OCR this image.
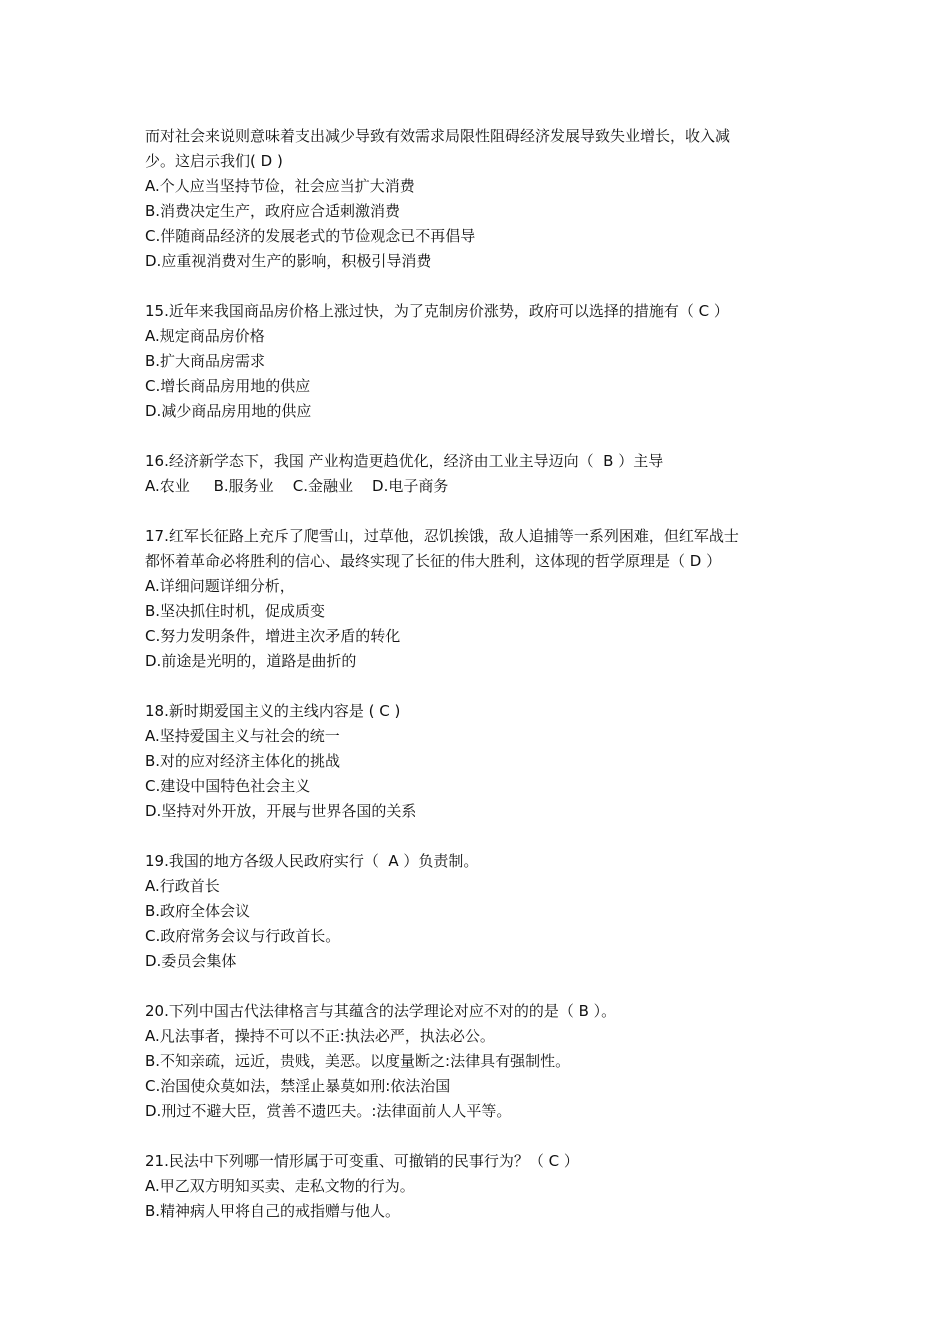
而对社会来说则意味着支出减少导致有效需求局限性阻碍经济发展导致失业增长，收入减
少。这启示我们( D )
A.个人应当坚持节俭，社会应当扩大消费
B.消费决定生产，政府应合适刺激消费
C.伴随商品经济的发展老式的节俭观念已不再倡导
D.应重视消费对生产的影响，积极引导消费
15.近年来我国商品房价格上涨过快，为了克制房价涨势，政府可以选择的措施有（ C ）
A.规定商品房价格
B.扩大商品房需求
C.增长商品房用地的供应
D.减少商品房用地的供应
16.经济新学态下，我国 产业构造更趋优化，经济由工业主导迈向（  B ）主导
A.农业     B.服务业    C.金融业    D.电子商务
17.红军长征路上充斥了爬雪山，过草他，忍饥挨饿，敌人追捕等一系列困难，但红军战士
都怀着革命必将胜利的信心、最终实现了长征的伟大胜利，这体现的哲学原理是（ D ）
A.详细问题详细分析，
B.坚决抓住时机，促成质变
C.努力发明条件，增进主次矛盾的转化
D.前途是光明的，道路是曲折的
18.新时期爱国主义的主线内容是 ( C )
A.坚持爱国主义与社会的统一
B.对的应对经济主体化的挑战
C.建设中国特色社会主义
D.坚持对外开放，开展与世界各国的关系
19.我国的地方各级人民政府实行（  A ）负责制。
A.行政首长
B.政府全体会议
C.政府常务会议与行政首长。
D.委员会集体
20.下列中国古代法律格言与其蕴含的法学理论对应不对的的是（ B ）。
A.凡法事者，操持不可以不正:执法必严，执法必公。
B.不知亲疏，远近，贵贱，美恶。以度量断之:法律具有强制性。
C.治国使众莫如法，禁淫止暴莫如刑:依法治国
D.刑过不避大臣，赏善不遗匹夫。:法律面前人人平等。
21.民法中下列哪一情形属于可变重、可撤销的民事行为？（ C ）
A.甲乙双方明知买卖、走私文物的行为。
B.精神病人甲将自己的戒指赠与他人。
